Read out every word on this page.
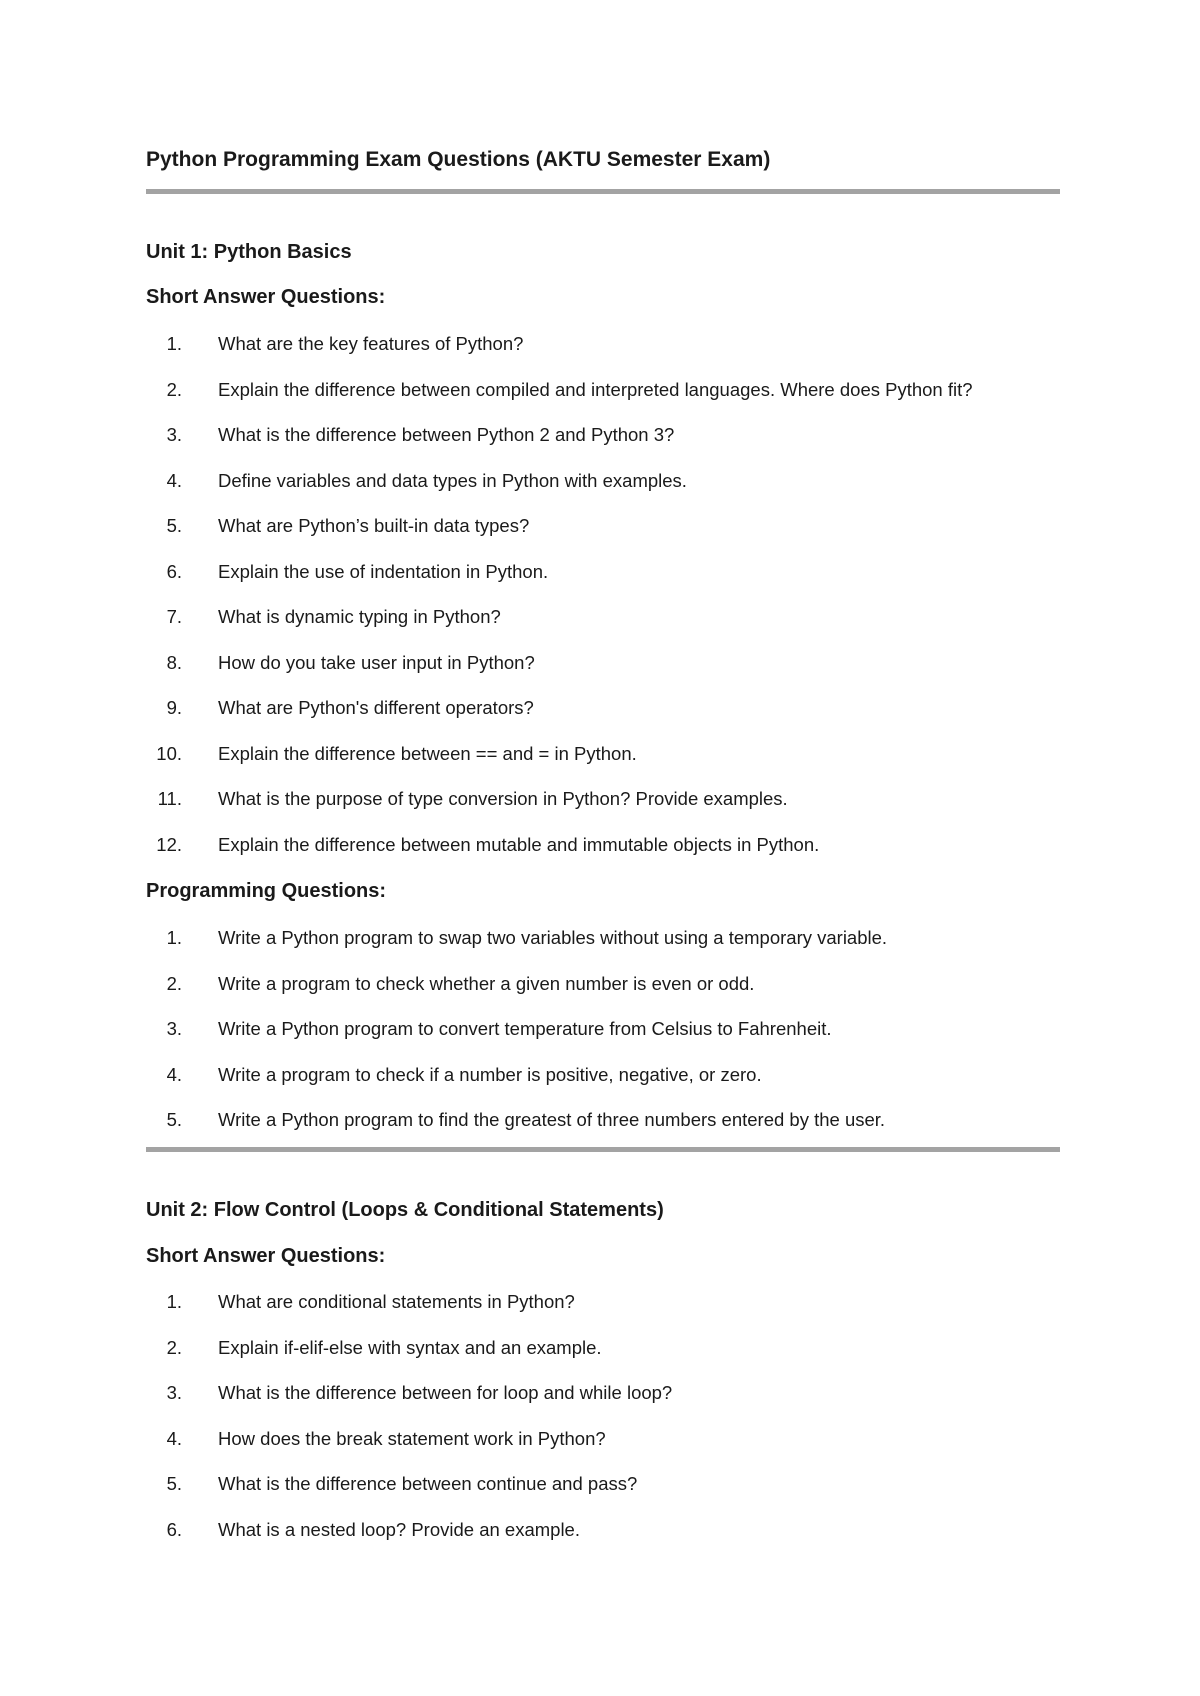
Python Programming Exam Questions (AKTU Semester Exam)
Unit 1: Python Basics
Short Answer Questions:
1. What are the key features of Python?
2. Explain the difference between compiled and interpreted languages. Where does Python fit?
3. What is the difference between Python 2 and Python 3?
4. Define variables and data types in Python with examples.
5. What are Python’s built-in data types?
6. Explain the use of indentation in Python.
7. What is dynamic typing in Python?
8. How do you take user input in Python?
9. What are Python's different operators?
10. Explain the difference between == and = in Python.
11. What is the purpose of type conversion in Python? Provide examples.
12. Explain the difference between mutable and immutable objects in Python.
Programming Questions:
1. Write a Python program to swap two variables without using a temporary variable.
2. Write a program to check whether a given number is even or odd.
3. Write a Python program to convert temperature from Celsius to Fahrenheit.
4. Write a program to check if a number is positive, negative, or zero.
5. Write a Python program to find the greatest of three numbers entered by the user.
Unit 2: Flow Control (Loops & Conditional Statements)
Short Answer Questions:
1. What are conditional statements in Python?
2. Explain if-elif-else with syntax and an example.
3. What is the difference between for loop and while loop?
4. How does the break statement work in Python?
5. What is the difference between continue and pass?
6. What is a nested loop? Provide an example.
